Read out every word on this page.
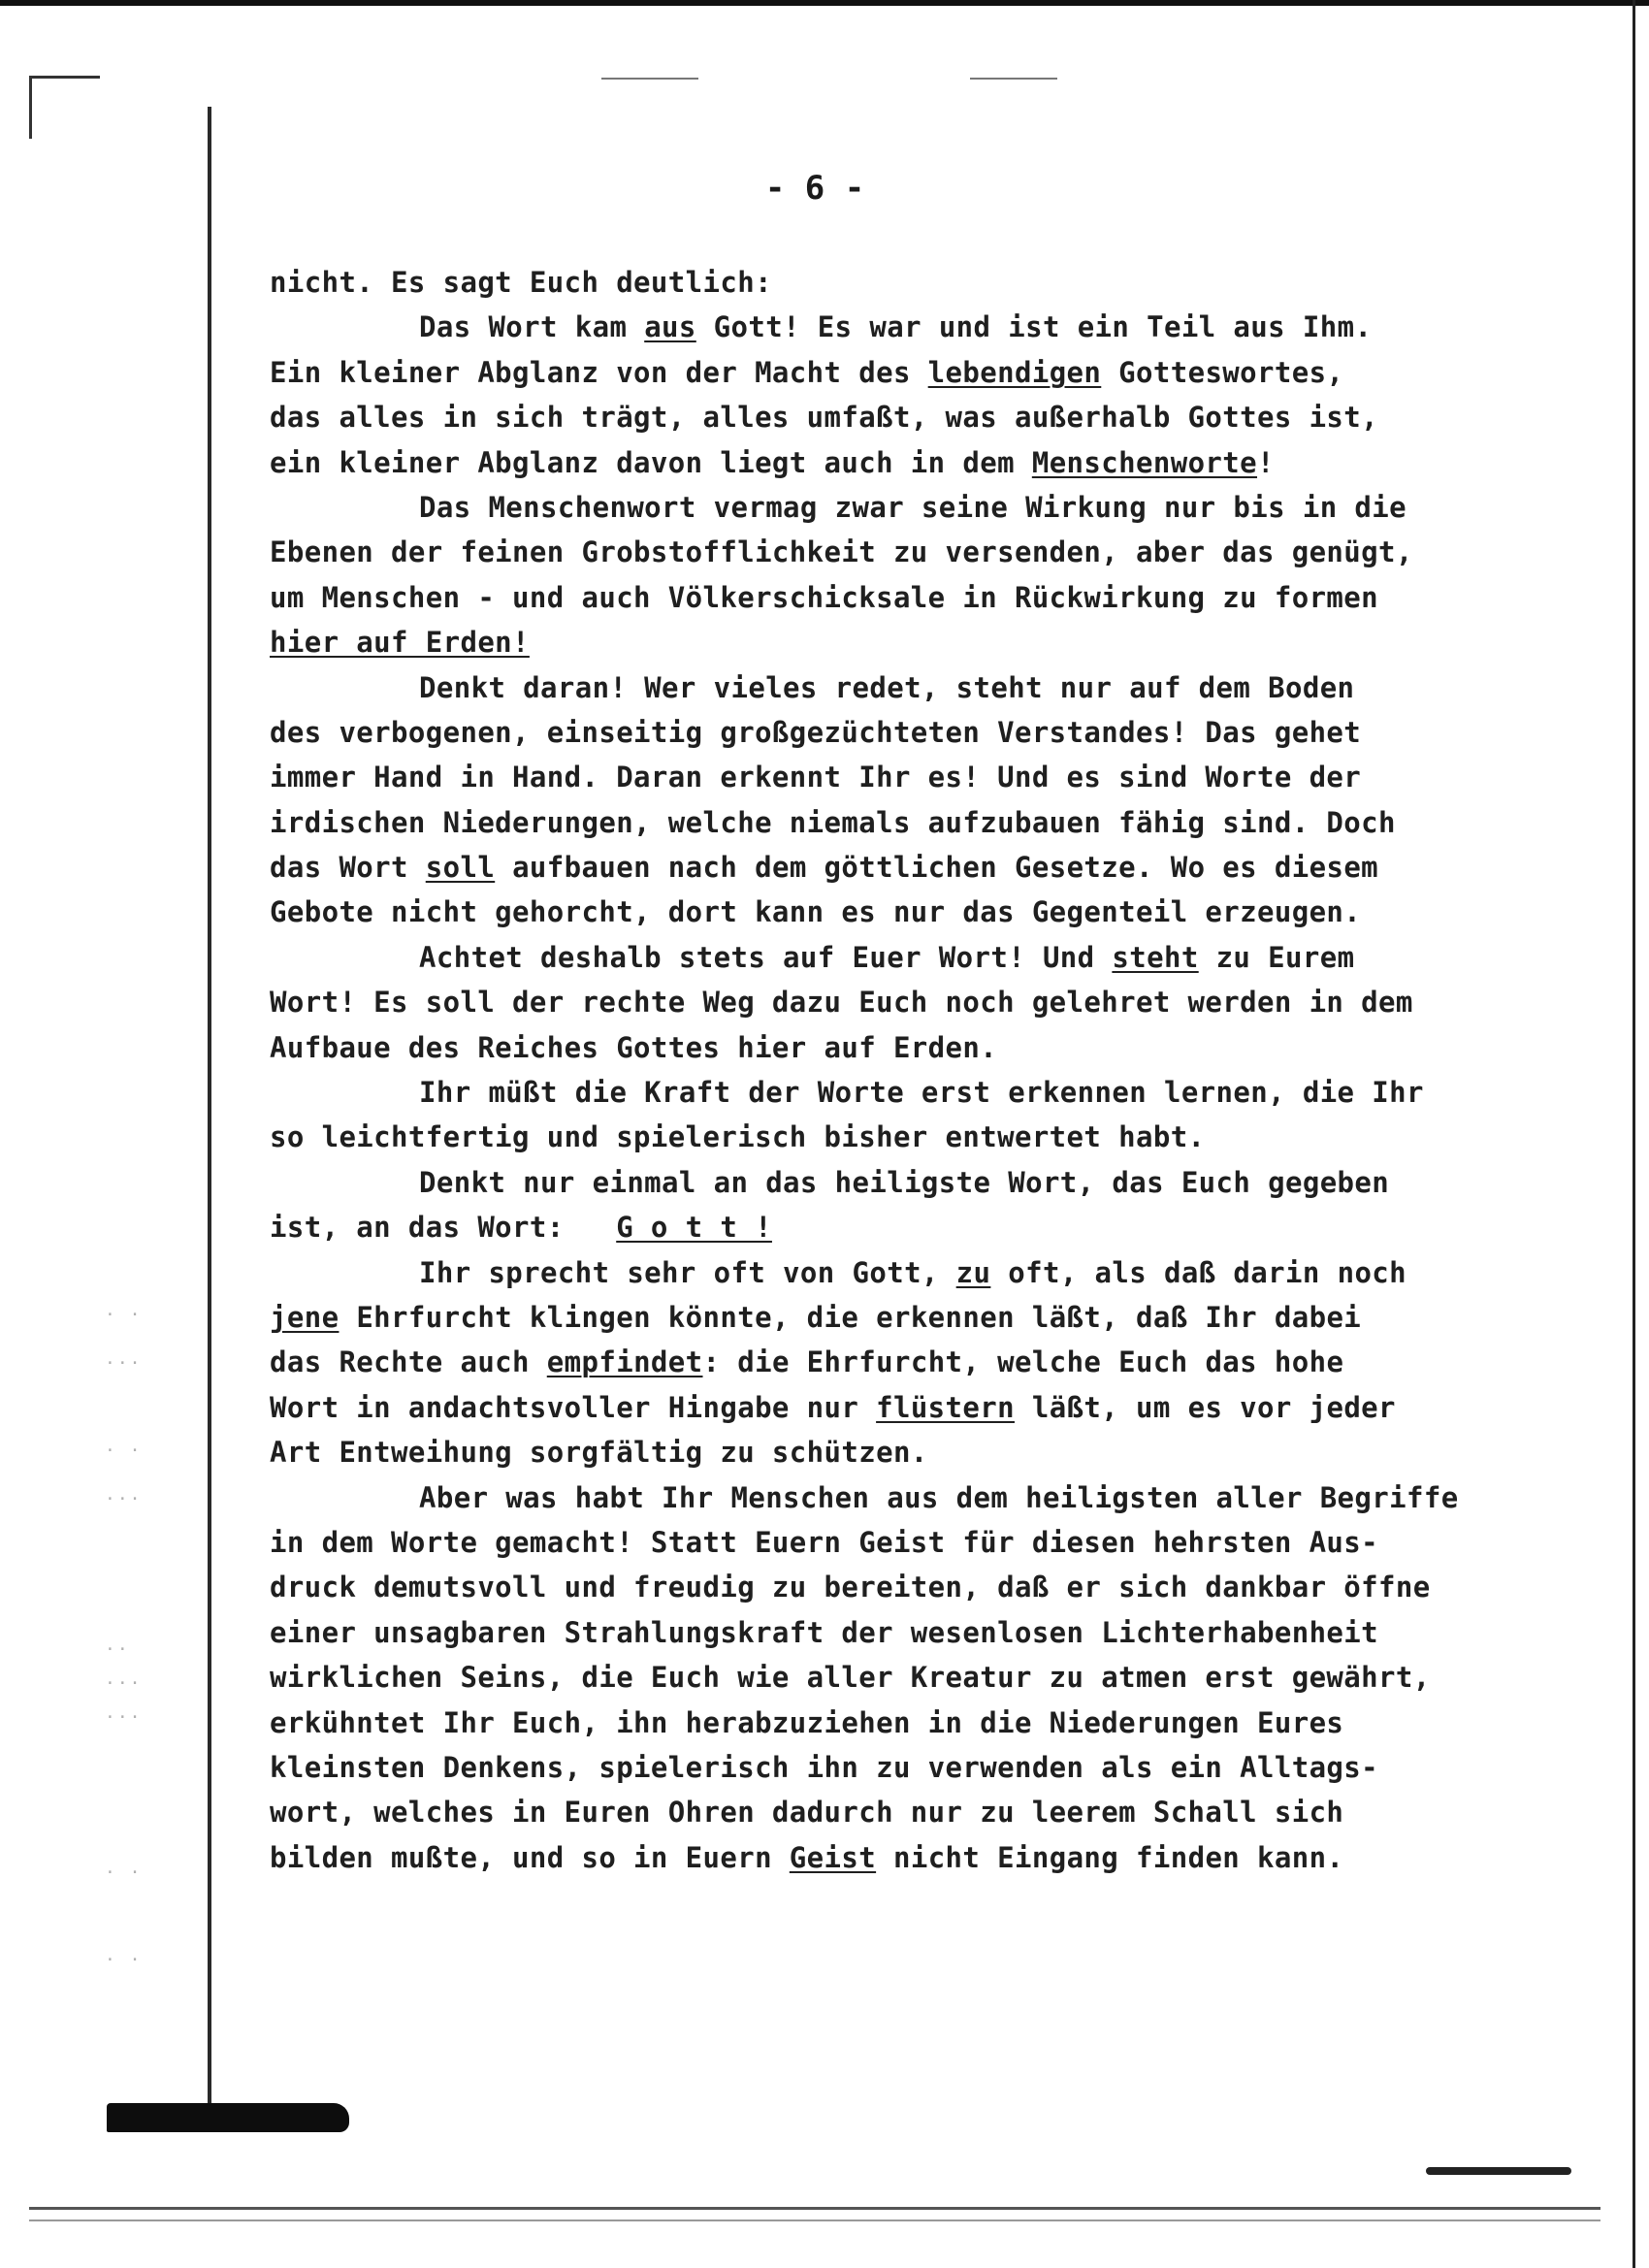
· ·
···
· ·
···
··
···
···
· ·
· ·
- 6 -
nicht. Es sagt Euch deutlich:
Das Wort kam aus Gott! Es war und ist ein Teil aus Ihm.
Ein kleiner Abglanz von der Macht des lebendigen Gotteswortes,
das alles in sich trägt, alles umfaßt, was außerhalb Gottes ist,
ein kleiner Abglanz davon liegt auch in dem Menschenworte!
Das Menschenwort vermag zwar seine Wirkung nur bis in die
Ebenen der feinen Grobstofflichkeit zu versenden, aber das genügt,
um Menschen - und auch Völkerschicksale in Rückwirkung zu formen
hier auf Erden!
Denkt daran! Wer vieles redet, steht nur auf dem Boden
des verbogenen, einseitig großgezüchteten Verstandes! Das gehet
immer Hand in Hand. Daran erkennt Ihr es! Und es sind Worte der
irdischen Niederungen, welche niemals aufzubauen fähig sind. Doch
das Wort soll aufbauen nach dem göttlichen Gesetze. Wo es diesem
Gebote nicht gehorcht, dort kann es nur das Gegenteil erzeugen.
Achtet deshalb stets auf Euer Wort! Und steht zu Eurem
Wort! Es soll der rechte Weg dazu Euch noch gelehret werden in dem
Aufbaue des Reiches Gottes hier auf Erden.
Ihr müßt die Kraft der Worte erst erkennen lernen, die Ihr
so leichtfertig und spielerisch bisher entwertet habt.
Denkt nur einmal an das heiligste Wort, das Euch gegeben
ist, an das Wort:   G o t t !
Ihr sprecht sehr oft von Gott, zu oft, als daß darin noch
jene Ehrfurcht klingen könnte, die erkennen läßt, daß Ihr dabei
das Rechte auch empfindet: die Ehrfurcht, welche Euch das hohe
Wort in andachtsvoller Hingabe nur flüstern läßt, um es vor jeder
Art Entweihung sorgfältig zu schützen.
Aber was habt Ihr Menschen aus dem heiligsten aller Begriffe
in dem Worte gemacht! Statt Euern Geist für diesen hehrsten Aus-
druck demutsvoll und freudig zu bereiten, daß er sich dankbar öffne
einer unsagbaren Strahlungskraft der wesenlosen Lichterhabenheit
wirklichen Seins, die Euch wie aller Kreatur zu atmen erst gewährt,
erkühntet Ihr Euch, ihn herabzuziehen in die Niederungen Eures
kleinsten Denkens, spielerisch ihn zu verwenden als ein Alltags-
wort, welches in Euren Ohren dadurch nur zu leerem Schall sich
bilden mußte, und so in Euern Geist nicht Eingang finden kann.
